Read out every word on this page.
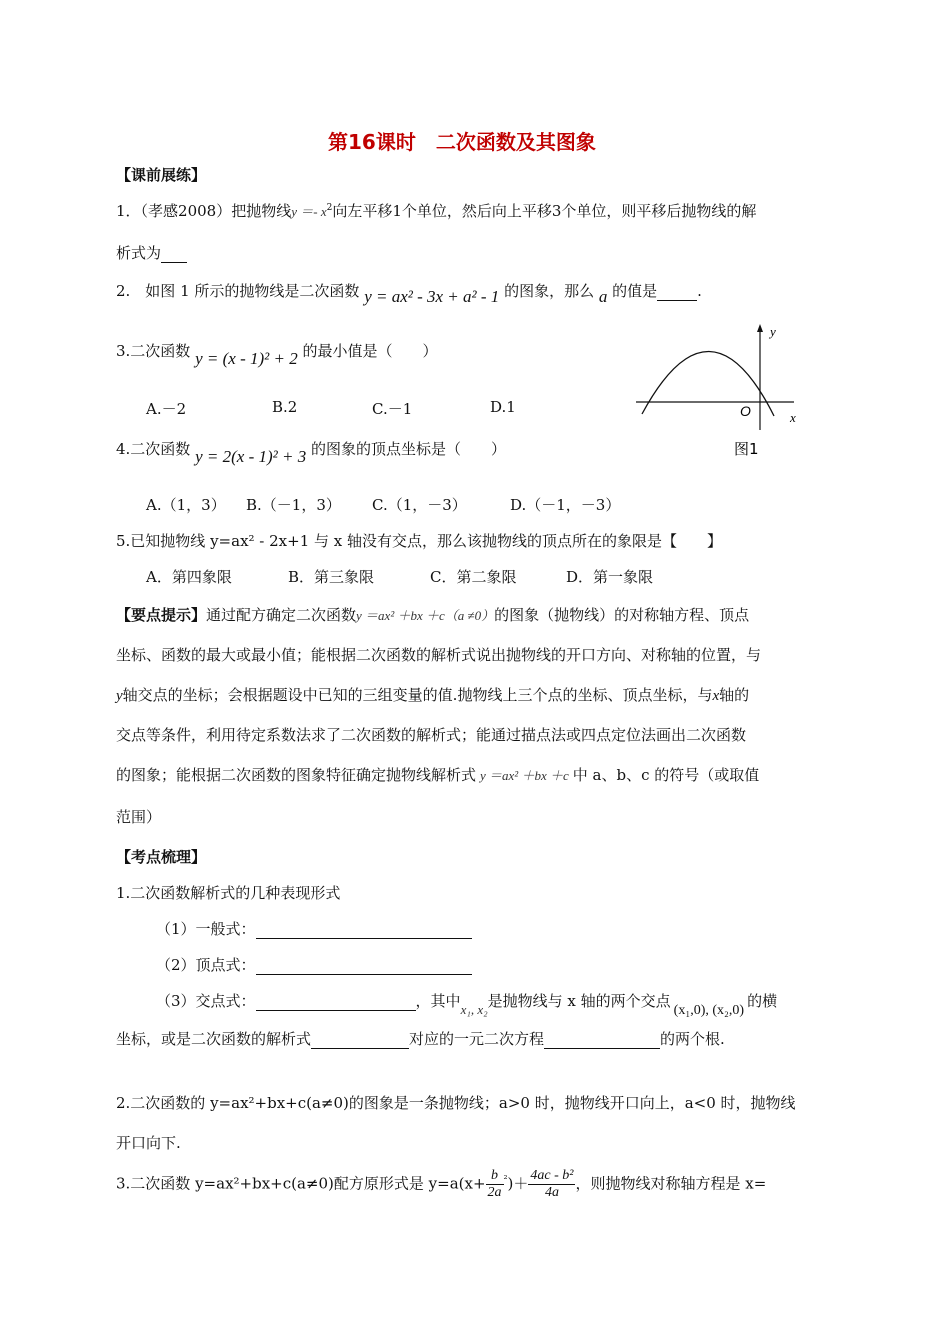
第16课时　二次函数及其图象
【课前展练】
1．（孝感2008）把抛物线$y =- x^2$向左平移1个单位，然后向上平移3个单位，则平移后抛物线的解
析式为
2.　如图 1 所示的抛物线是二次函数 y = ax² - 3x + a² - 1 的图象，那么 a 的值是	.
y
x
O
图1
3.二次函数 y = (x - 1)² + 2 的最小值是（　　）
A.－2	B.2	C.－1	D.1
4.二次函数 y = 2(x - 1)² + 3 的图象的顶点坐标是（　　）
A.（1，3） B.（－1，3） C.（1，－3）	D.（－1，－3）
5.已知抛物线 y=ax² - 2x+1 与 x 轴没有交点，那么该抛物线的顶点所在的象限是【　　】
A．第四象限	B．第三象限	C．第二象限	D．第一象限
【要点提示】通过配方确定二次函数y ＝ax² ＋bx ＋c（a ≠0）的图象（抛物线）的对称轴方程、顶点
坐标、函数的最大或最小值；能根据二次函数的解析式说出抛物线的开口方向、对称轴的位置，与
y轴交点的坐标；会根据题设中已知的三组变量的值.抛物线上三个点的坐标、顶点坐标，与x轴的
交点等条件，利用待定系数法求了二次函数的解析式；能通过描点法或四点定位法画出二次函数
的图象；能根据二次函数的图象特征确定抛物线解析式 y ＝ax² ＋bx ＋c 中 a、b、c 的符号（或取值
范围）
【考点梳理】
1.二次函数解析式的几种表现形式
（1）一般式：
（2）顶点式：
（3）交点式：	，其中x₁, x₂是抛物线与 x 轴的两个交点(x₁,0), (x₂,0)的横
坐标，或是二次函数的解析式	对应的一元二次方程	的两个根.
2.二次函数的 y=ax²+bx+c(a≠0)的图象是一条抛物线；a>0 时，抛物线开口向上，a<0 时，抛物线
开口向下.
3.二次函数 y=ax²+bx+c(a≠0)配方原形式是 $y=a(x+ \frac{b}{2a} ^{^2})+ \frac{\text{4ac - b²}}{4a}$ ，则抛物线对称轴方程是 x=
